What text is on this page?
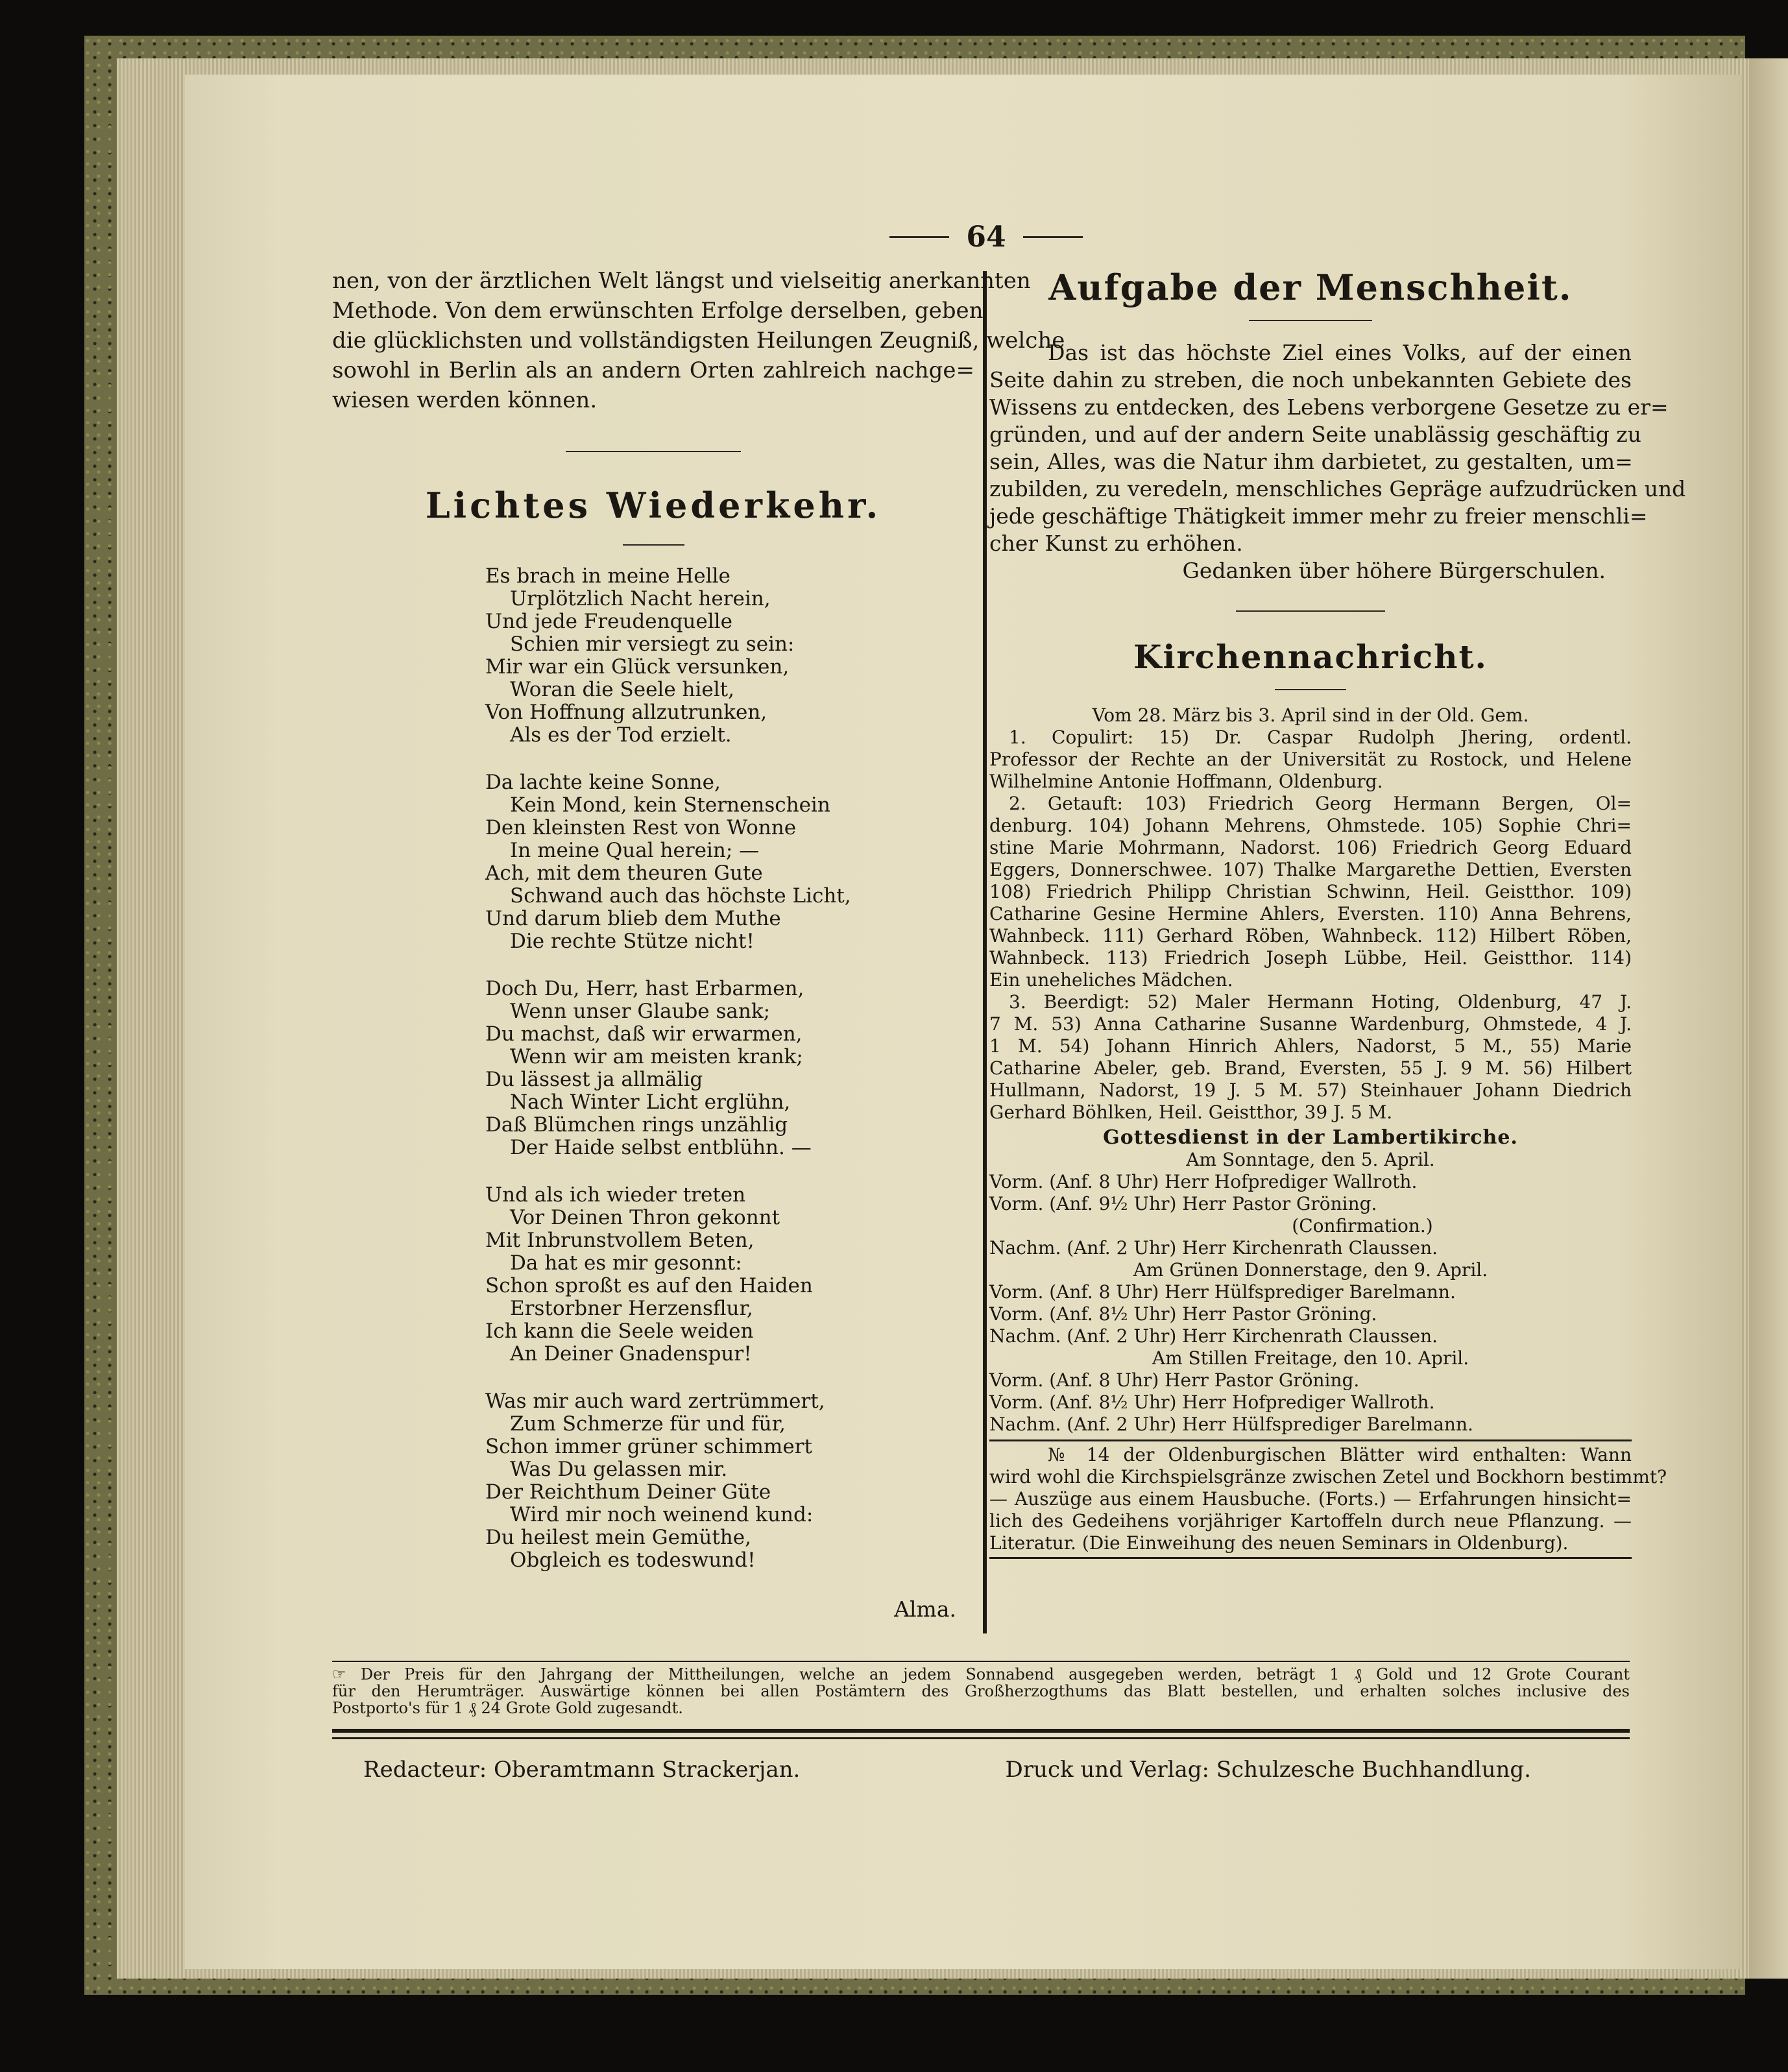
64
nen, von der ärztlichen Welt längst und vielseitig anerkannten
Methode. Von dem erwünschten Erfolge derselben, geben
die glücklichsten und vollständigsten Heilungen Zeugniß, welche
sowohl in Berlin als an andern Orten zahlreich nachge=
wiesen werden können.
Lichtes Wiederkehr.
Es brach in meine Helle
Urplötzlich Nacht herein,
Und jede Freudenquelle
Schien mir versiegt zu sein:
Mir war ein Glück versunken,
Woran die Seele hielt,
Von Hoffnung allzutrunken,
Als es der Tod erzielt.
Da lachte keine Sonne,
Kein Mond, kein Sternenschein
Den kleinsten Rest von Wonne
In meine Qual herein; —
Ach, mit dem theuren Gute
Schwand auch das höchste Licht,
Und darum blieb dem Muthe
Die rechte Stütze nicht!
Doch Du, Herr, hast Erbarmen,
Wenn unser Glaube sank;
Du machst, daß wir erwarmen,
Wenn wir am meisten krank;
Du lässest ja allmälig
Nach Winter Licht erglühn,
Daß Blümchen rings unzählig
Der Haide selbst entblühn. —
Und als ich wieder treten
Vor Deinen Thron gekonnt
Mit Inbrunstvollem Beten,
Da hat es mir gesonnt:
Schon sproßt es auf den Haiden
Erstorbner Herzensflur,
Ich kann die Seele weiden
An Deiner Gnadenspur!
Was mir auch ward zertrümmert,
Zum Schmerze für und für,
Schon immer grüner schimmert
Was Du gelassen mir.
Der Reichthum Deiner Güte
Wird mir noch weinend kund:
Du heilest mein Gemüthe,
Obgleich es todeswund!
Alma.
Aufgabe der Menschheit.
Das ist das höchste Ziel eines Volks, auf der einen
Seite dahin zu streben, die noch unbekannten Gebiete des
Wissens zu entdecken, des Lebens verborgene Gesetze zu er=
gründen, und auf der andern Seite unablässig geschäftig zu
sein, Alles, was die Natur ihm darbietet, zu gestalten, um=
zubilden, zu veredeln, menschliches Gepräge aufzudrücken und
jede geschäftige Thätigkeit immer mehr zu freier menschli=
cher Kunst zu erhöhen.
Gedanken über höhere Bürgerschulen.
Kirchennachricht.
Vom 28. März bis 3. April sind in der Old. Gem.
1. Copulirt: 15) Dr. Caspar Rudolph Jhering, ordentl.
Professor der Rechte an der Universität zu Rostock, und Helene
Wilhelmine Antonie Hoffmann, Oldenburg.
2. Getauft: 103) Friedrich Georg Hermann Bergen, Ol=
denburg. 104) Johann Mehrens, Ohmstede. 105) Sophie Chri=
stine Marie Mohrmann, Nadorst. 106) Friedrich Georg Eduard
Eggers, Donnerschwee. 107) Thalke Margarethe Dettien, Eversten
108) Friedrich Philipp Christian Schwinn, Heil. Geistthor. 109)
Catharine Gesine Hermine Ahlers, Eversten. 110) Anna Behrens,
Wahnbeck. 111) Gerhard Röben, Wahnbeck. 112) Hilbert Röben,
Wahnbeck. 113) Friedrich Joseph Lübbe, Heil. Geistthor. 114)
Ein uneheliches Mädchen.
3. Beerdigt: 52) Maler Hermann Hoting, Oldenburg, 47 J.
7 M. 53) Anna Catharine Susanne Wardenburg, Ohmstede, 4 J.
1 M. 54) Johann Hinrich Ahlers, Nadorst, 5 M., 55) Marie
Catharine Abeler, geb. Brand, Eversten, 55 J. 9 M. 56) Hilbert
Hullmann, Nadorst, 19 J. 5 M. 57) Steinhauer Johann Diedrich
Gerhard Böhlken, Heil. Geistthor, 39 J. 5 M.
Gottesdienst in der Lambertikirche.
Am Sonntage, den 5. April.
Vorm. (Anf. 8 Uhr) Herr Hofprediger Wallroth.
Vorm. (Anf. 9½ Uhr) Herr Pastor Gröning.
(Confirmation.)
Nachm. (Anf. 2 Uhr) Herr Kirchenrath Claussen.
Am Grünen Donnerstage, den 9. April.
Vorm. (Anf. 8 Uhr) Herr Hülfsprediger Barelmann.
Vorm. (Anf. 8½ Uhr) Herr Pastor Gröning.
Nachm. (Anf. 2 Uhr) Herr Kirchenrath Claussen.
Am Stillen Freitage, den 10. April.
Vorm. (Anf. 8 Uhr) Herr Pastor Gröning.
Vorm. (Anf. 8½ Uhr) Herr Hofprediger Wallroth.
Nachm. (Anf. 2 Uhr) Herr Hülfsprediger Barelmann.
№ 14 der Oldenburgischen Blätter wird enthalten: Wann
wird wohl die Kirchspielsgränze zwischen Zetel und Bockhorn bestimmt?
— Auszüge aus einem Hausbuche. (Forts.) — Erfahrungen hinsicht=
lich des Gedeihens vorjähriger Kartoffeln durch neue Pflanzung. —
Literatur. (Die Einweihung des neuen Seminars in Oldenburg).
☞ Der Preis für den Jahrgang der Mittheilungen, welche an jedem Sonnabend ausgegeben werden, beträgt 1 ₰ Gold und 12 Grote Courant
für den Herumträger. Auswärtige können bei allen Postämtern des Großherzogthums das Blatt bestellen, und erhalten solches inclusive des
Postporto's für 1 ₰ 24 Grote Gold zugesandt.
Redacteur: Oberamtmann Strackerjan.	Druck und Verlag: Schulzesche Buchhandlung.
